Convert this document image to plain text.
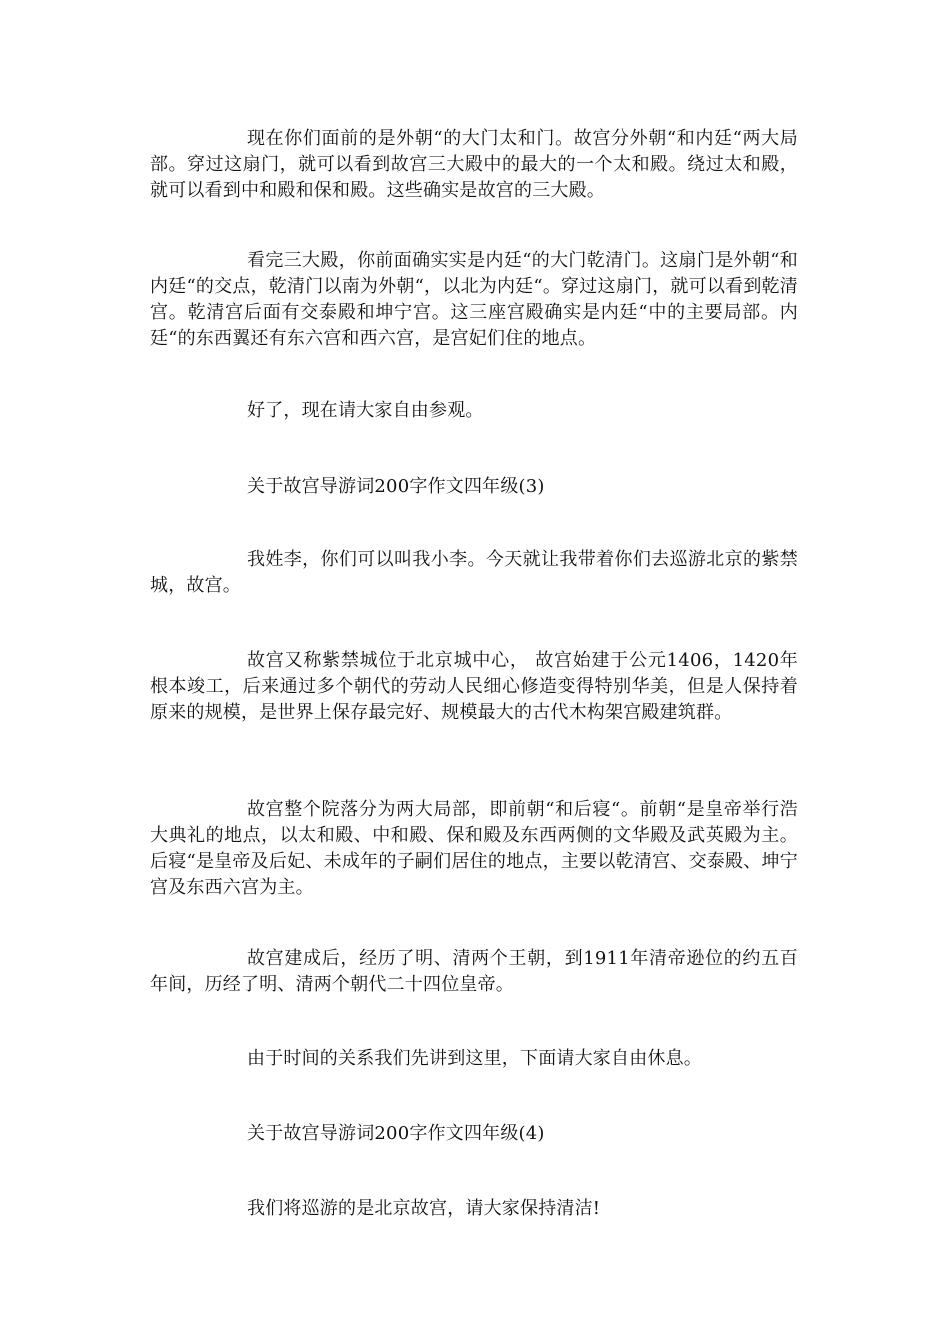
现在你们面前的是外朝“的大门太和门。故宫分外朝“和内廷“两大局部。穿过这扇门，就可以看到故宫三大殿中的最大的一个太和殿。绕过太和殿，就可以看到中和殿和保和殿。这些确实是故宫的三大殿。

看完三大殿，你前面确实实是内廷“的大门乾清门。这扇门是外朝“和内廷“的交点，乾清门以南为外朝“，以北为内廷“。穿过这扇门，就可以看到乾清宫。乾清宫后面有交泰殿和坤宁宫。这三座宫殿确实是内廷“中的主要局部。内廷“的东西翼还有东六宫和西六宫，是宫妃们住的地点。

好了，现在请大家自由参观。

关于故宫导游词200字作文四年级(3)

我姓李，你们可以叫我小李。今天就让我带着你们去巡游北京的紫禁城，故宫。

故宫又称紫禁城位于北京城中心， 故宫始建于公元1406，1420年根本竣工，后来通过多个朝代的劳动人民细心修造变得特别华美，但是人保持着原来的规模，是世界上保存最完好、规模最大的古代木构架宫殿建筑群。

故宫整个院落分为两大局部，即前朝“和后寝“。前朝“是皇帝举行浩大典礼的地点，以太和殿、中和殿、保和殿及东西两侧的文华殿及武英殿为主。后寝“是皇帝及后妃、未成年的子嗣们居住的地点，主要以乾清宫、交泰殿、坤宁宫及东西六宫为主。

故宫建成后，经历了明、清两个王朝，到1911年清帝逊位的约五百年间，历经了明、清两个朝代二十四位皇帝。

由于时间的关系我们先讲到这里，下面请大家自由休息。

关于故宫导游词200字作文四年级(4)

我们将巡游的是北京故宫，请大家保持清洁!
